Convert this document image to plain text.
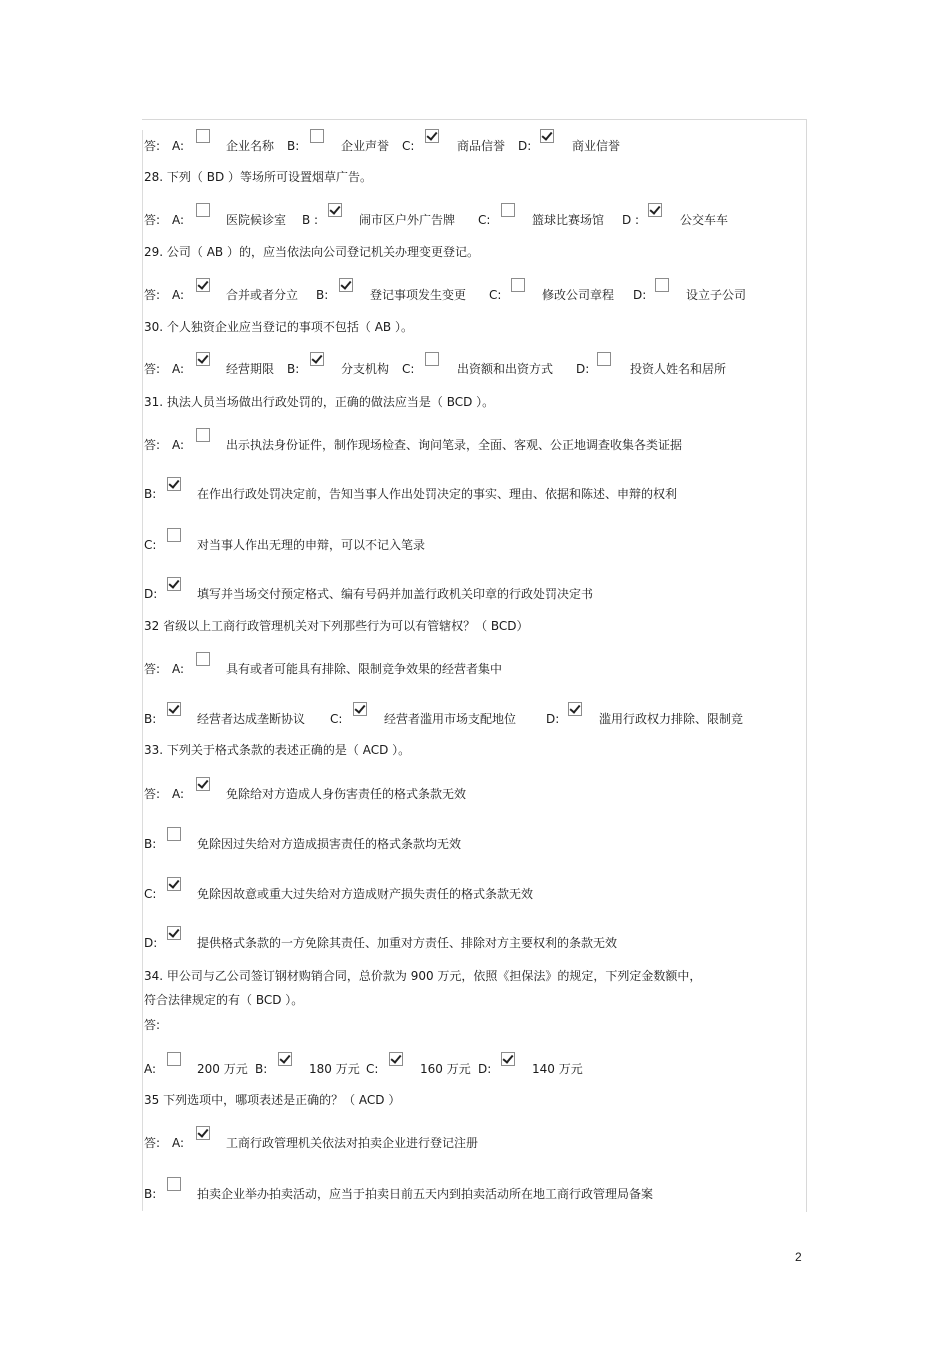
答: A:	企业名称 B:	企业声誉 C:	商品信誉 D:	商业信誉
28. 下列（ BD ）等场所可设置烟草广告。
答: A:	医院候诊室 B :	闹市区户外广告牌 C:	篮球比赛场馆 D :	公交车车
29. 公司（ AB ）的，应当依法向公司登记机关办理变更登记。
答: A:	合并或者分立 B:	登记事项发生变更 C:	修改公司章程 D:	设立子公司
30. 个人独资企业应当登记的事项不包括（ AB ）。
答: A:	经营期限 B:	分支机构 C:	出资额和出资方式 D:	投资人姓名和居所
31. 执法人员当场做出行政处罚的，正确的做法应当是（ BCD ）。
答: A:	出示执法身份证件，制作现场检查、询问笔录，全面、客观、公正地调查收集各类证据
B:	在作出行政处罚决定前，告知当事人作出处罚决定的事实、理由、依据和陈述、申辩的权利
C:	对当事人作出无理的申辩，可以不记入笔录
D:	填写并当场交付预定格式、编有号码并加盖行政机关印章的行政处罚决定书
32 省级以上工商行政管理机关对下列那些行为可以有管辖权？（ BCD）
答: A:	具有或者可能具有排除、限制竞争效果的经营者集中
B:	经营者达成垄断协议 C:	经营者滥用市场支配地位 D:	滥用行政权力排除、限制竞
33. 下列关于格式条款的表述正确的是（ ACD ）。
答: A:	免除给对方造成人身伤害责任的格式条款无效
B:	免除因过失给对方造成损害责任的格式条款均无效
C:	免除因故意或重大过失给对方造成财产损失责任的格式条款无效
D:	提供格式条款的一方免除其责任、加重对方责任、排除对方主要权利的条款无效
34. 甲公司与乙公司签订钢材购销合同，总价款为 900 万元，依照《担保法》的规定，下列定金数额中，
符合法律规定的有（ BCD ）。
答:
A:	200 万元 B:	180 万元 C:	160 万元 D:	140 万元
35 下列选项中，哪项表述是正确的？（ ACD ）
答: A:	工商行政管理机关依法对拍卖企业进行登记注册
B:	拍卖企业举办拍卖活动，应当于拍卖日前五天内到拍卖活动所在地工商行政管理局备案
2
